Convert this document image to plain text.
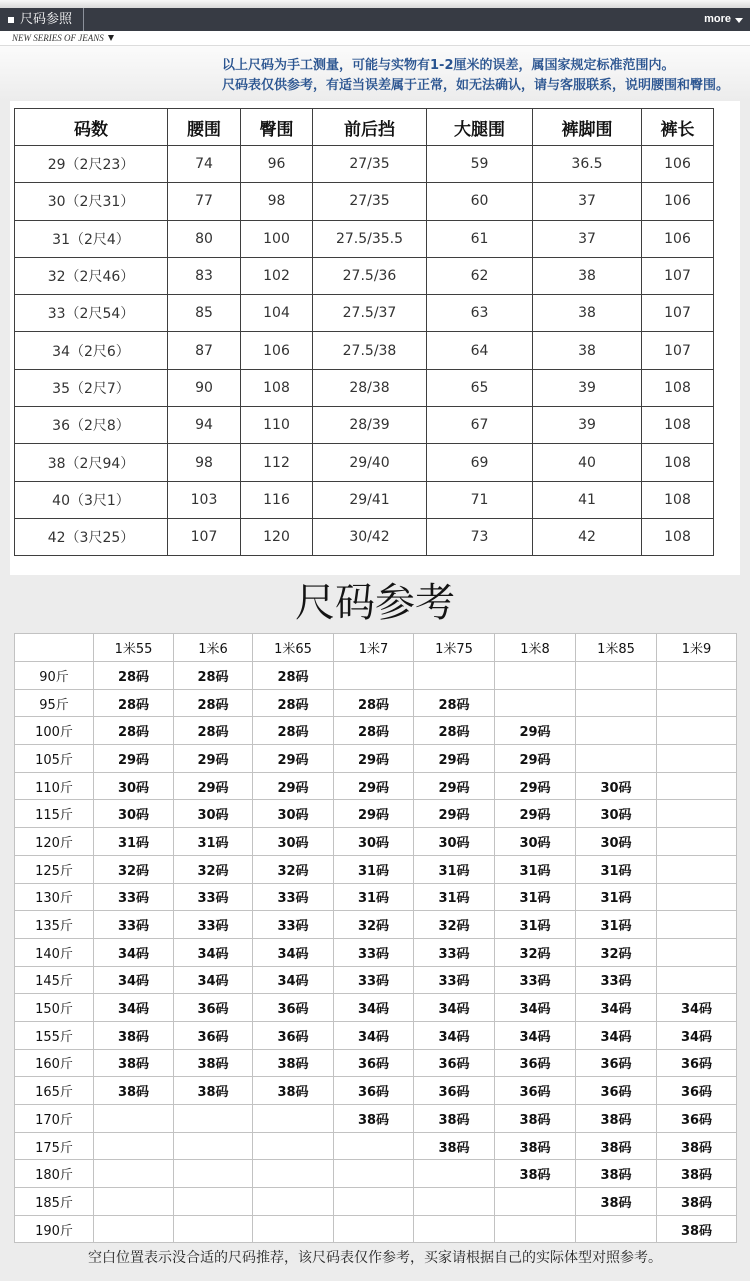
尺码参照	more
NEW SERIES OF JEANS
以上尺码为手工测量，可能与实物有1-2厘米的误差，属国家规定标准范围内。
尺码表仅供参考，有适当误差属于正常，如无法确认，请与客服联系，说明腰围和臀围。
码数	腰围	臀围	前后挡	大腿围	裤脚围	裤长
29（2尺23）	74	96	27/35	59	36.5	106
30（2尺31）	77	98	27/35	60	37	106
31（2尺4）	80	100	27.5/35.5	61	37	106
32（2尺46）	83	102	27.5/36	62	38	107
33（2尺54）	85	104	27.5/37	63	38	107
34（2尺6）	87	106	27.5/38	64	38	107
35（2尺7）	90	108	28/38	65	39	108
36（2尺8）	94	110	28/39	67	39	108
38（2尺94）	98	112	29/40	69	40	108
40（3尺1）	103	116	29/41	71	41	108
42（3尺25）	107	120	30/42	73	42	108
尺码参考
	1米55	1米6	1米65	1米7	1米75	1米8	1米85	1米9
90斤	28码	28码	28码					
95斤	28码	28码	28码	28码	28码			
100斤	28码	28码	28码	28码	28码	29码		
105斤	29码	29码	29码	29码	29码	29码		
110斤	30码	29码	29码	29码	29码	29码	30码	
115斤	30码	30码	30码	29码	29码	29码	30码	
120斤	31码	31码	30码	30码	30码	30码	30码	
125斤	32码	32码	32码	31码	31码	31码	31码	
130斤	33码	33码	33码	31码	31码	31码	31码	
135斤	33码	33码	33码	32码	32码	31码	31码	
140斤	34码	34码	34码	33码	33码	32码	32码	
145斤	34码	34码	34码	33码	33码	33码	33码	
150斤	34码	36码	36码	34码	34码	34码	34码	34码
155斤	38码	36码	36码	34码	34码	34码	34码	34码
160斤	38码	38码	38码	36码	36码	36码	36码	36码
165斤	38码	38码	38码	36码	36码	36码	36码	36码
170斤				38码	38码	38码	38码	36码
175斤					38码	38码	38码	38码
180斤						38码	38码	38码
185斤							38码	38码
190斤								38码
空白位置表示没合适的尺码推荐，该尺码表仅作参考，买家请根据自己的实际体型对照参考。
